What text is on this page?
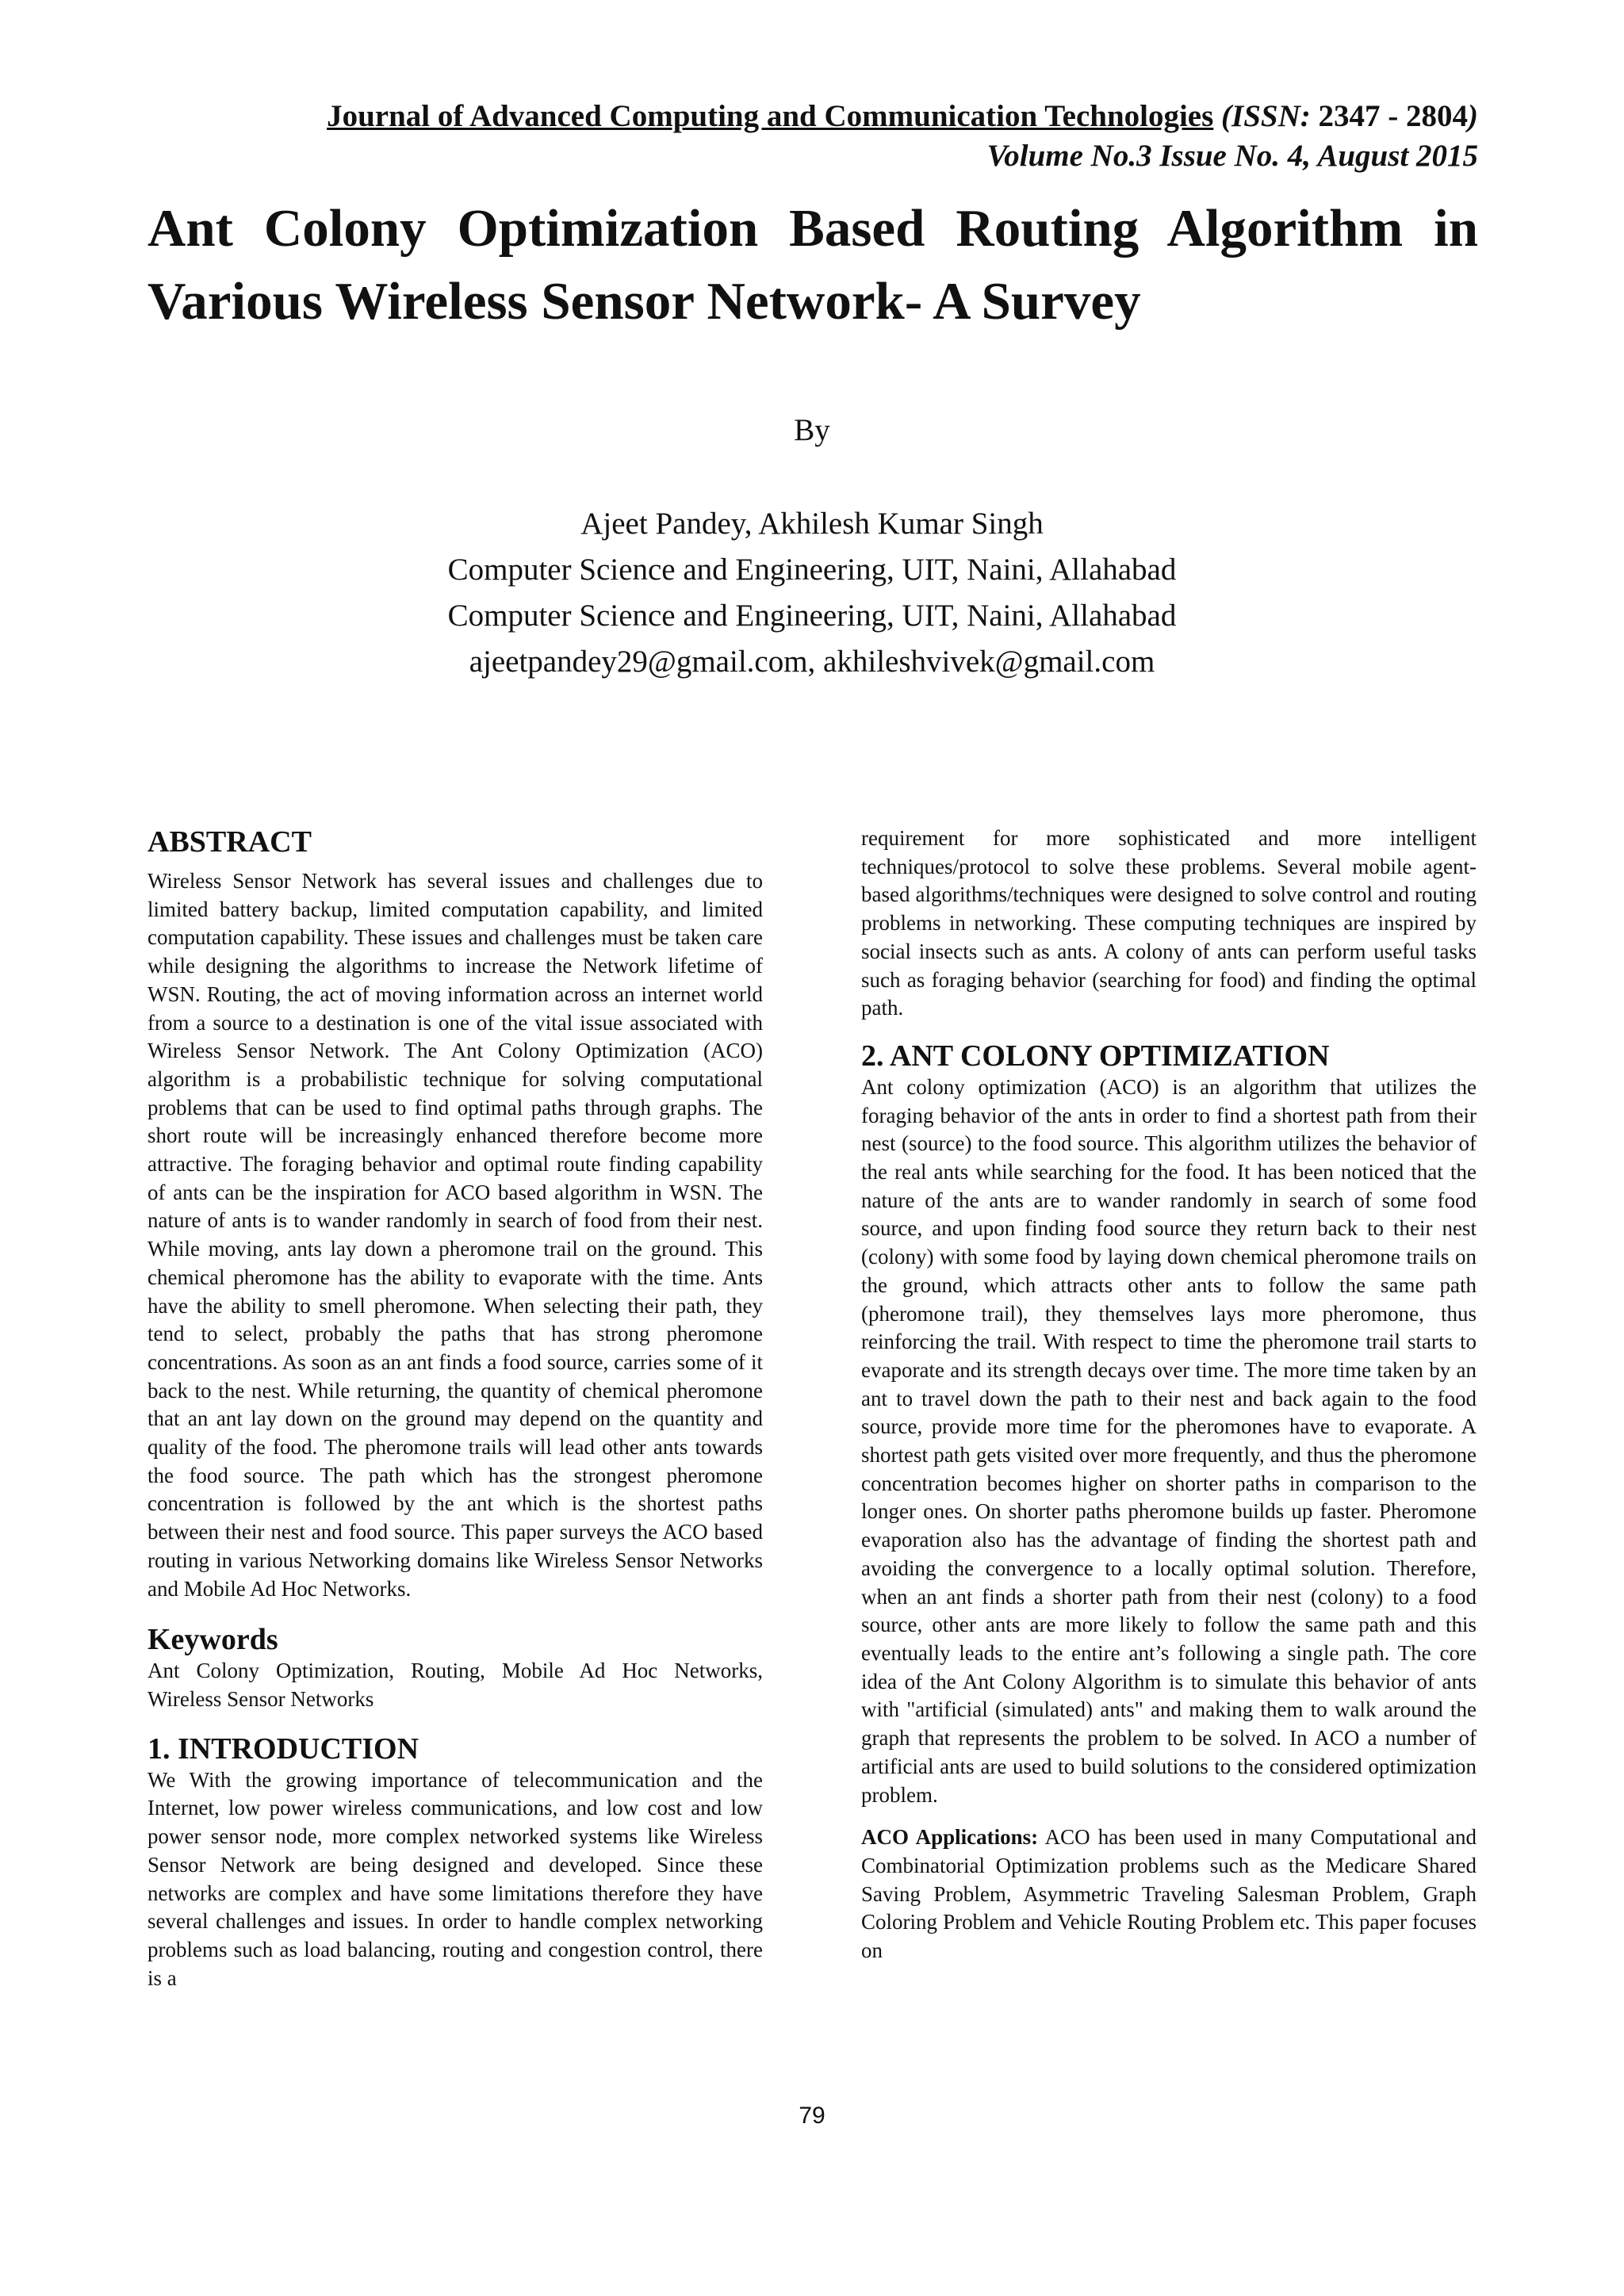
Journal of Advanced Computing and Communication Technologies (ISSN: 2347 - 2804)
Volume No.3 Issue No. 4, August 2015
Ant Colony Optimization Based Routing Algorithm in
Various Wireless Sensor Network- A Survey
By
Ajeet Pandey, Akhilesh Kumar Singh
Computer Science and Engineering, UIT, Naini, Allahabad
Computer Science and Engineering, UIT, Naini, Allahabad
ajeetpandey29@gmail.com, akhileshvivek@gmail.com
ABSTRACT

Wireless Sensor Network has several issues and challenges due to limited battery backup, limited computation capability, and limited computation capability. These issues and challenges must be taken care while designing the algorithms to increase the Network lifetime of WSN. Routing, the act of moving information across an internet world from a source to a destination is one of the vital issue associated with Wireless Sensor Network. The Ant Colony Optimization (ACO) algorithm is a probabilistic technique for solving computational problems that can be used to find optimal paths through graphs. The short route will be increasingly enhanced therefore become more attractive. The foraging behavior and optimal route finding capability of ants can be the inspiration for ACO based algorithm in WSN. The nature of ants is to wander randomly in search of food from their nest. While moving, ants lay down a pheromone trail on the ground. This chemical pheromone has the ability to evaporate with the time. Ants have the ability to smell pheromone. When selecting their path, they tend to select, probably the paths that has strong pheromone concentrations. As soon as an ant finds a food source, carries some of it back to the nest. While returning, the quantity of chemical pheromone that an ant lay down on the ground may depend on the quantity and quality of the food. The pheromone trails will lead other ants towards the food source. The path which has the strongest pheromone concentration is followed by the ant which is the shortest paths between their nest and food source. This paper surveys the ACO based routing in various Networking domains like Wireless Sensor Networks and Mobile Ad Hoc Networks.

Keywords

Ant Colony Optimization, Routing, Mobile Ad Hoc Networks, Wireless Sensor Networks

1. INTRODUCTION

We With the growing importance of telecommunication and the Internet, low power wireless communications, and low cost and low power sensor node, more complex networked systems like Wireless Sensor Network are being designed and developed. Since these networks are complex and have some limitations therefore they have several challenges and issues. In order to handle complex networking problems such as load balancing, routing and congestion control, there is a

requirement for more sophisticated and more intelligent techniques/protocol to solve these problems. Several mobile agent-based algorithms/techniques were designed to solve control and routing problems in networking. These computing techniques are inspired by social insects such as ants. A colony of ants can perform useful tasks such as foraging behavior (searching for food) and finding the optimal path.

2. ANT COLONY OPTIMIZATION

Ant colony optimization (ACO) is an algorithm that utilizes the foraging behavior of the ants in order to find a shortest path from their nest (source) to the food source. This algorithm utilizes the behavior of the real ants while searching for the food. It has been noticed that the nature of the ants are to wander randomly in search of some food source, and upon finding food source they return back to their nest (colony) with some food by laying down chemical pheromone trails on the ground, which attracts other ants to follow the same path (pheromone trail), they themselves lays more pheromone, thus reinforcing the trail. With respect to time the pheromone trail starts to evaporate and its strength decays over time. The more time taken by an ant to travel down the path to their nest and back again to the food source, provide more time for the pheromones have to evaporate. A shortest path gets visited over more frequently, and thus the pheromone concentration becomes higher on shorter paths in comparison to the longer ones. On shorter paths pheromone builds up faster. Pheromone evaporation also has the advantage of finding the shortest path and avoiding the convergence to a locally optimal solution. Therefore, when an ant finds a shorter path from their nest (colony) to a food source, other ants are more likely to follow the same path and this eventually leads to the entire ant’s following a single path. The core idea of the Ant Colony Algorithm is to simulate this behavior of ants with "artificial (simulated) ants" and making them to walk around the graph that represents the problem to be solved. In ACO a number of artificial ants are used to build solutions to the considered optimization problem.

ACO Applications: ACO has been used in many Computational and Combinatorial Optimization problems such as the Medicare Shared Saving Problem, Asymmetric Traveling Salesman Problem, Graph Coloring Problem and Vehicle Routing Problem etc. This paper focuses on

79
